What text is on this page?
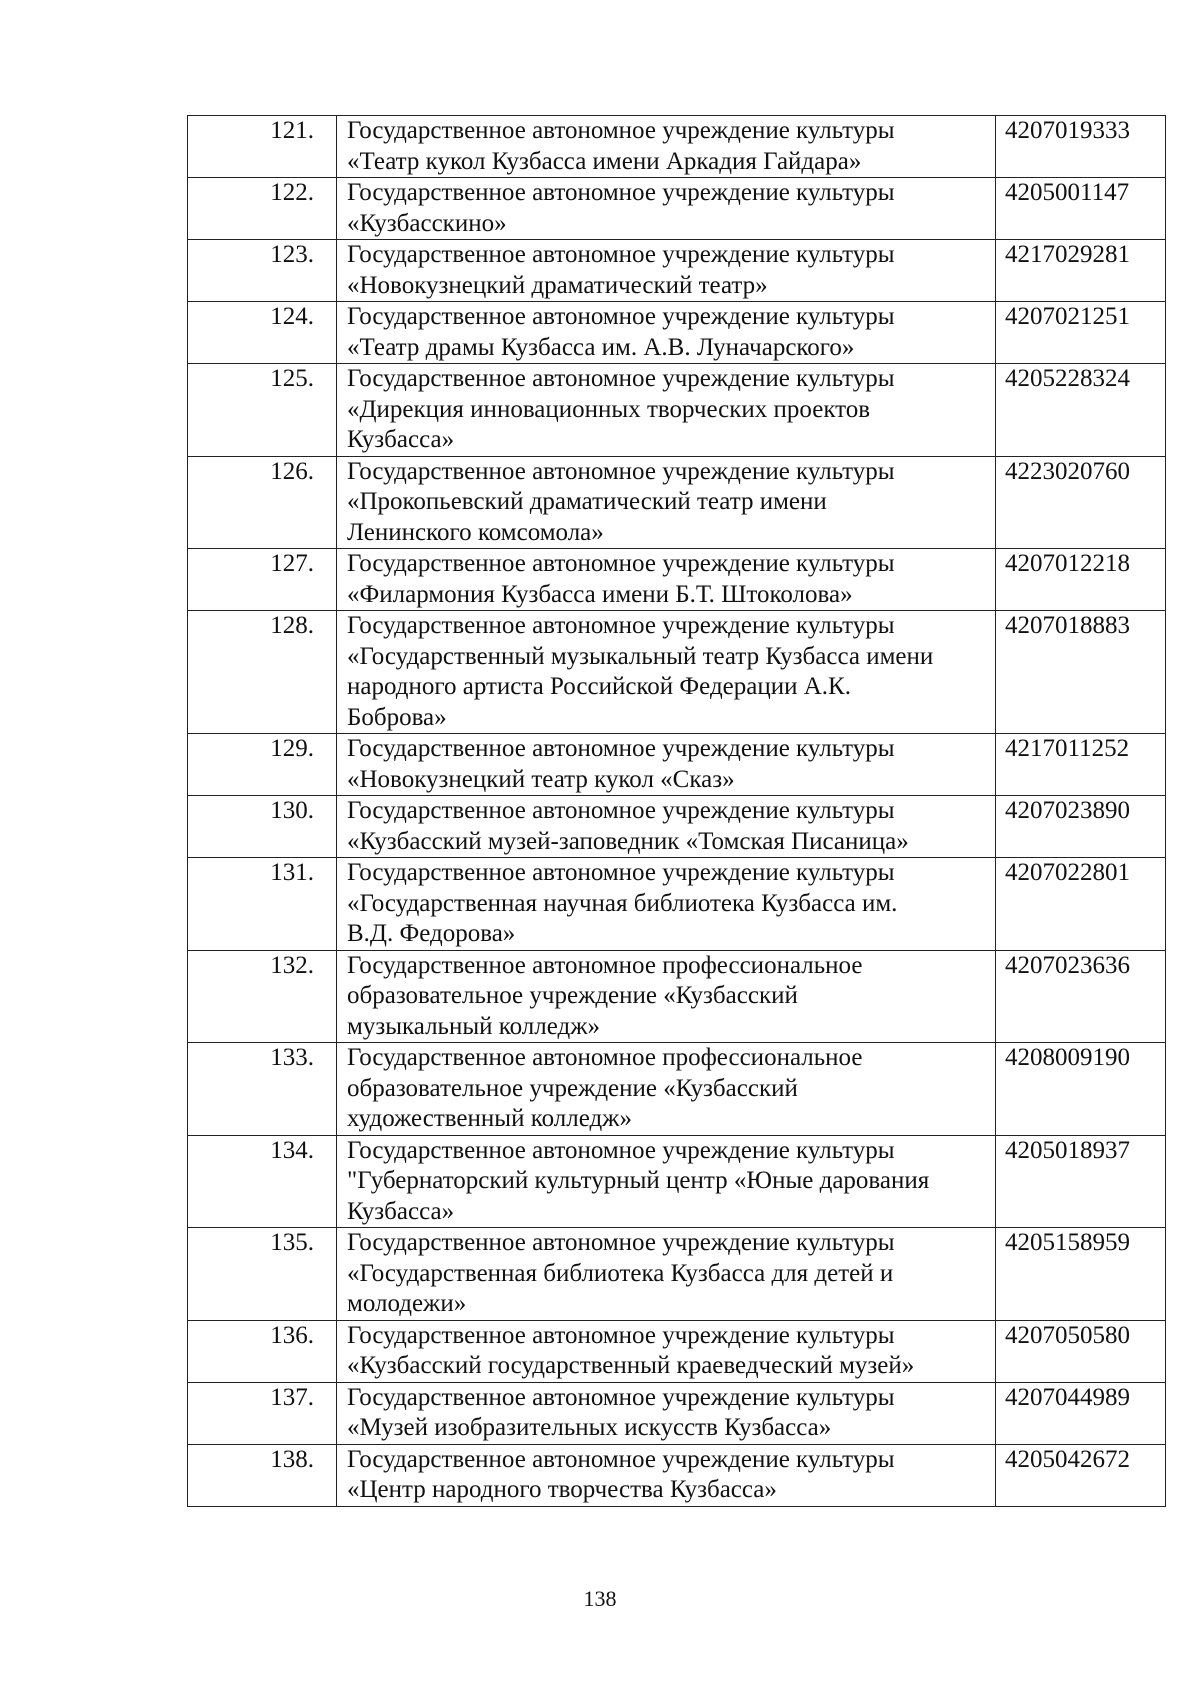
121.	Государственное автономное учреждение культуры
«Театр кукол Кузбасса имени Аркадия Гайдара»	4207019333

122.	Государственное автономное учреждение культуры
«Кузбасскино»	4205001147

123.	Государственное автономное учреждение культуры
«Новокузнецкий драматический театр»	4217029281

124.	Государственное автономное учреждение культуры
«Театр драмы Кузбасса им. А.В. Луначарского»	4207021251

125.	Государственное автономное учреждение культуры
«Дирекция инновационных творческих проектов
Кузбасса»	4205228324

126.	Государственное автономное учреждение культуры
«Прокопьевский драматический театр имени
Ленинского комсомола»	4223020760

127.	Государственное автономное учреждение культуры
«Филармония Кузбасса имени Б.Т. Штоколова»	4207012218

128.	Государственное автономное учреждение культуры
«Государственный музыкальный театр Кузбасса имени
народного артиста Российской Федерации А.К.
Боброва»	4207018883

129.	Государственное автономное учреждение культуры
«Новокузнецкий театр кукол «Сказ»	4217011252

130.	Государственное автономное учреждение культуры
«Кузбасский музей-заповедник «Томская Писаница»	4207023890

131.	Государственное автономное учреждение культуры
«Государственная научная библиотека Кузбасса им.
В.Д. Федорова»	4207022801

132.	Государственное автономное профессиональное
образовательное учреждение «Кузбасский
музыкальный колледж»	4207023636

133.	Государственное автономное профессиональное
образовательное учреждение «Кузбасский
художественный колледж»	4208009190

134.	Государственное автономное учреждение культуры
"Губернаторский культурный центр «Юные дарования
Кузбасса»	4205018937

135.	Государственное автономное учреждение культуры
«Государственная библиотека Кузбасса для детей и
молодежи»	4205158959

136.	Государственное автономное учреждение культуры
«Кузбасский государственный краеведческий музей»	4207050580

137.	Государственное автономное учреждение культуры
«Музей изобразительных искусств Кузбасса»	4207044989

138.	Государственное автономное учреждение культуры
«Центр народного творчества Кузбасса»	4205042672
138
